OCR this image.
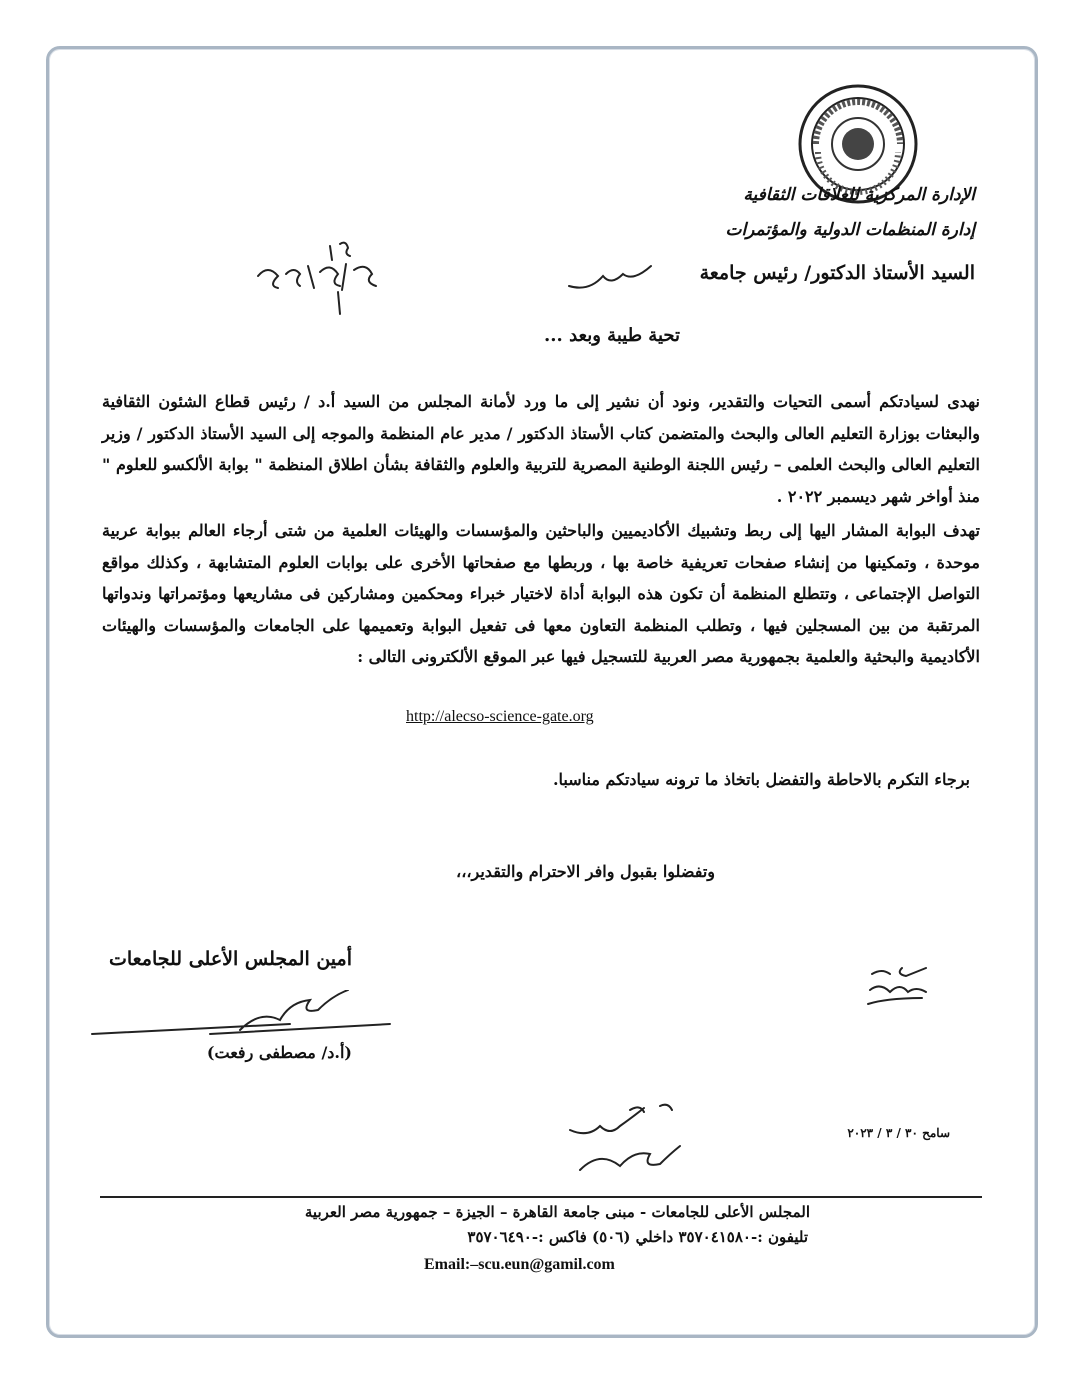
الإدارة المركزية للعلاقات الثقافية
إدارة المنظمات الدولية والمؤتمرات
السيد الأستاذ الدكتور/ رئيس جامعة
تحية طيبة وبعد ...
نهدى لسيادتكم أسمى التحيات والتقدير، ونود أن نشير إلى ما ورد لأمانة المجلس من السيد أ.د / رئيس قطاع الشئون الثقافية والبعثات بوزارة التعليم العالى والبحث والمتضمن كتاب الأستاذ الدكتور / مدير عام المنظمة والموجه إلى السيد الأستاذ الدكتور / وزير التعليم العالى والبحث العلمى – رئيس اللجنة الوطنية المصرية للتربية والعلوم والثقافة بشأن اطلاق المنظمة " بوابة الألكسو للعلوم " منذ أواخر شهر ديسمبر ٢٠٢٢ .
تهدف البوابة المشار اليها إلى ربط وتشبيك الأكاديميين والباحثين والمؤسسات والهيئات العلمية من شتى أرجاء العالم ببوابة عربية موحدة ، وتمكينها من إنشاء صفحات تعريفية خاصة بها ، وربطها مع صفحاتها الأخرى على بوابات العلوم المتشابهة ، وكذلك مواقع التواصل الإجتماعى ، وتتطلع المنظمة أن تكون هذه البوابة أداة لاختيار خبراء ومحكمين ومشاركين فى مشاريعها ومؤتمراتها وندواتها المرتقبة من بين المسجلين فيها ، وتطلب المنظمة التعاون معها فى تفعيل البوابة وتعميمها على الجامعات والمؤسسات والهيئات الأكاديمية والبحثية والعلمية بجمهورية مصر العربية للتسجيل فيها عبر الموقع الألكترونى التالى :
http://alecso-science-gate.org
برجاء التكرم بالاحاطة والتفضل باتخاذ ما ترونه سيادتكم مناسبا.
وتفضلوا بقبول وافر الاحترام والتقدير،،،
أمين المجلس الأعلى للجامعات
(أ.د/ مصطفى رفعت)
سامح ٣٠ / ٣ / ٢٠٢٣
المجلس الأعلى للجامعات - مبنى جامعة القاهرة – الجيزة – جمهورية مصر العربية
تليفون :-٣٥٧٠٤١٥٨٠ داخلي (٥٠٦) فاكس :-٣٥٧٠٦٤٩٠
Email:–scu.eun@gamil.com
